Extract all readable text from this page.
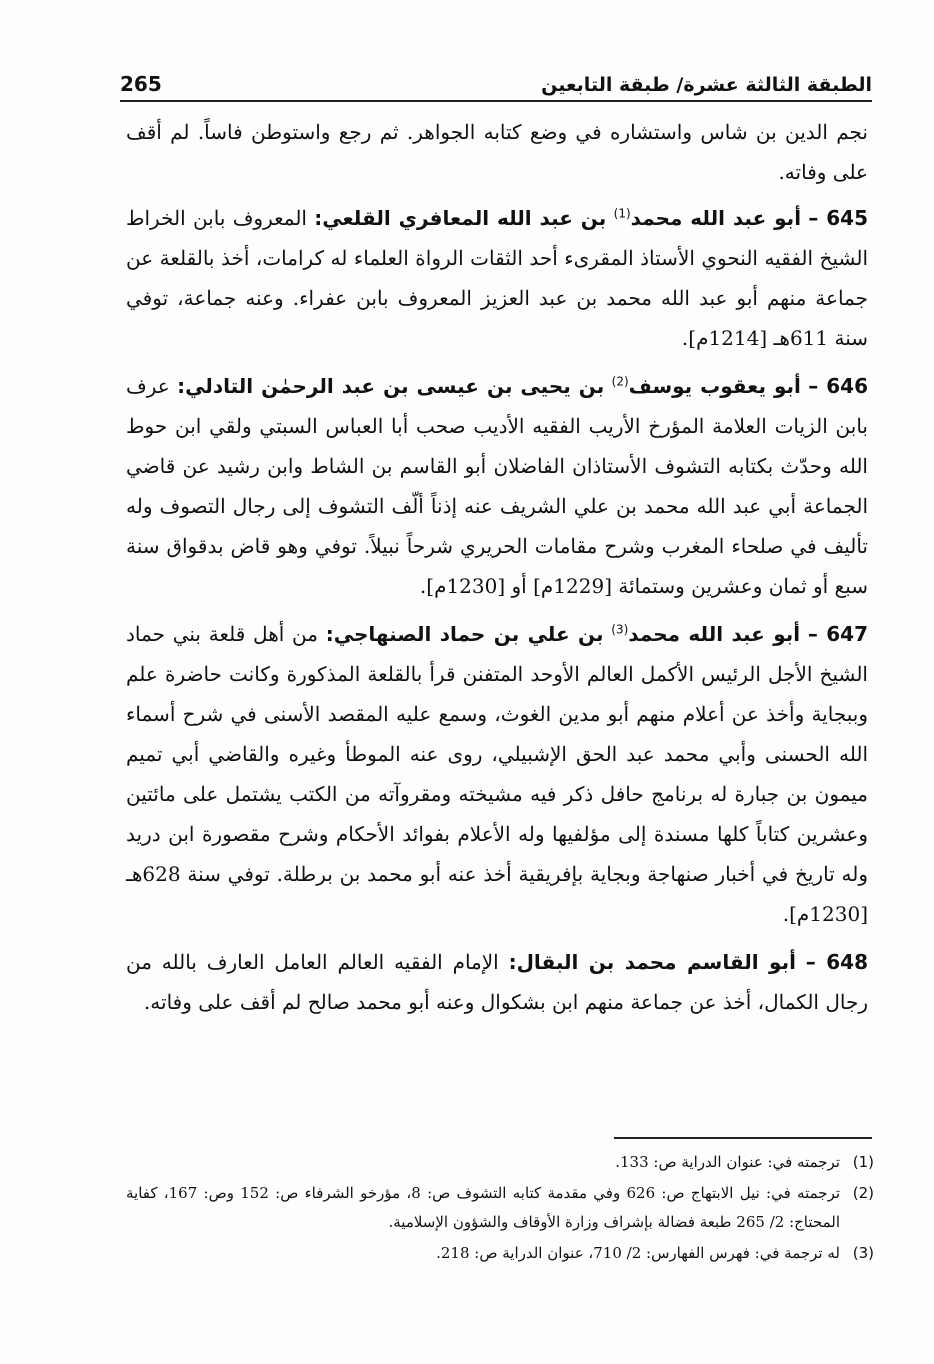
الطبقة الثالثة عشرة/ طبقة التابعين
265

نجم الدين بن شاس واستشاره في وضع كتابه الجواهر. ثم رجع واستوطن فاساً. لم أقف على وفاته.

645 – أبو عبد الله محمد$^{(1)}$ بن عبد الله المعافري القلعي: المعروف بابن الخراط الشيخ الفقيه النحوي الأستاذ المقرىء أحد الثقات الرواة العلماء له كرامات، أخذ بالقلعة عن جماعة منهم أبو عبد الله محمد بن عبد العزيز المعروف بابن عفراء. وعنه جماعة، توفي سنة 611هـ [1214م].

646 – أبو يعقوب يوسف$^{(2)}$ بن يحيى بن عيسى بن عبد الرحمٰن التادلي: عرف بابن الزيات العلامة المؤرخ الأريب الفقيه الأديب صحب أبا العباس السبتي ولقي ابن حوط الله وحدّث بكتابه التشوف الأستاذان الفاضلان أبو القاسم بن الشاط وابن رشيد عن قاضي الجماعة أبي عبد الله محمد بن علي الشريف عنه إذناً ألّف التشوف إلى رجال التصوف وله تأليف في صلحاء المغرب وشرح مقامات الحريري شرحاً نبيلاً. توفي وهو قاض بدقواق سنة سبع أو ثمان وعشرين وستمائة [1229م] أو [1230م].

647 – أبو عبد الله محمد$^{(3)}$ بن علي بن حماد الصنهاجي: من أهل قلعة بني حماد الشيخ الأجل الرئيس الأكمل العالم الأوحد المتفنن قرأ بالقلعة المذكورة وكانت حاضرة علم وببجاية وأخذ عن أعلام منهم أبو مدين الغوث، وسمع عليه المقصد الأسنى في شرح أسماء الله الحسنى وأبي محمد عبد الحق الإشبيلي، روى عنه الموطأ وغيره والقاضي أبي تميم ميمون بن جبارة له برنامج حافل ذكر فيه مشيخته ومقروآته من الكتب يشتمل على مائتين وعشرين كتاباً كلها مسندة إلى مؤلفيها وله الأعلام بفوائد الأحكام وشرح مقصورة ابن دريد وله تاريخ في أخبار صنهاجة وبجاية بإفريقية أخذ عنه أبو محمد بن برطلة. توفي سنة 628هـ [1230م].

648 – أبو القاسم محمد بن البقال: الإمام الفقيه العالم العامل العارف بالله من رجال الكمال، أخذ عن جماعة منهم ابن بشكوال وعنه أبو محمد صالح لم أقف على وفاته.

(1)
ترجمته في: عنوان الدراية ص: 133.
(2)
ترجمته في: نيل الابتهاج ص: 626 وفي مقدمة كتابه التشوف ص: 8، مؤرخو الشرفاء ص: 152 وص: 167، كفاية المحتاج: 2/ 265 طبعة فضالة بإشراف وزارة الأوقاف والشؤون الإسلامية.
(3)
له ترجمة في: فهرس الفهارس: 2/ 710، عنوان الدراية ص: 218.
